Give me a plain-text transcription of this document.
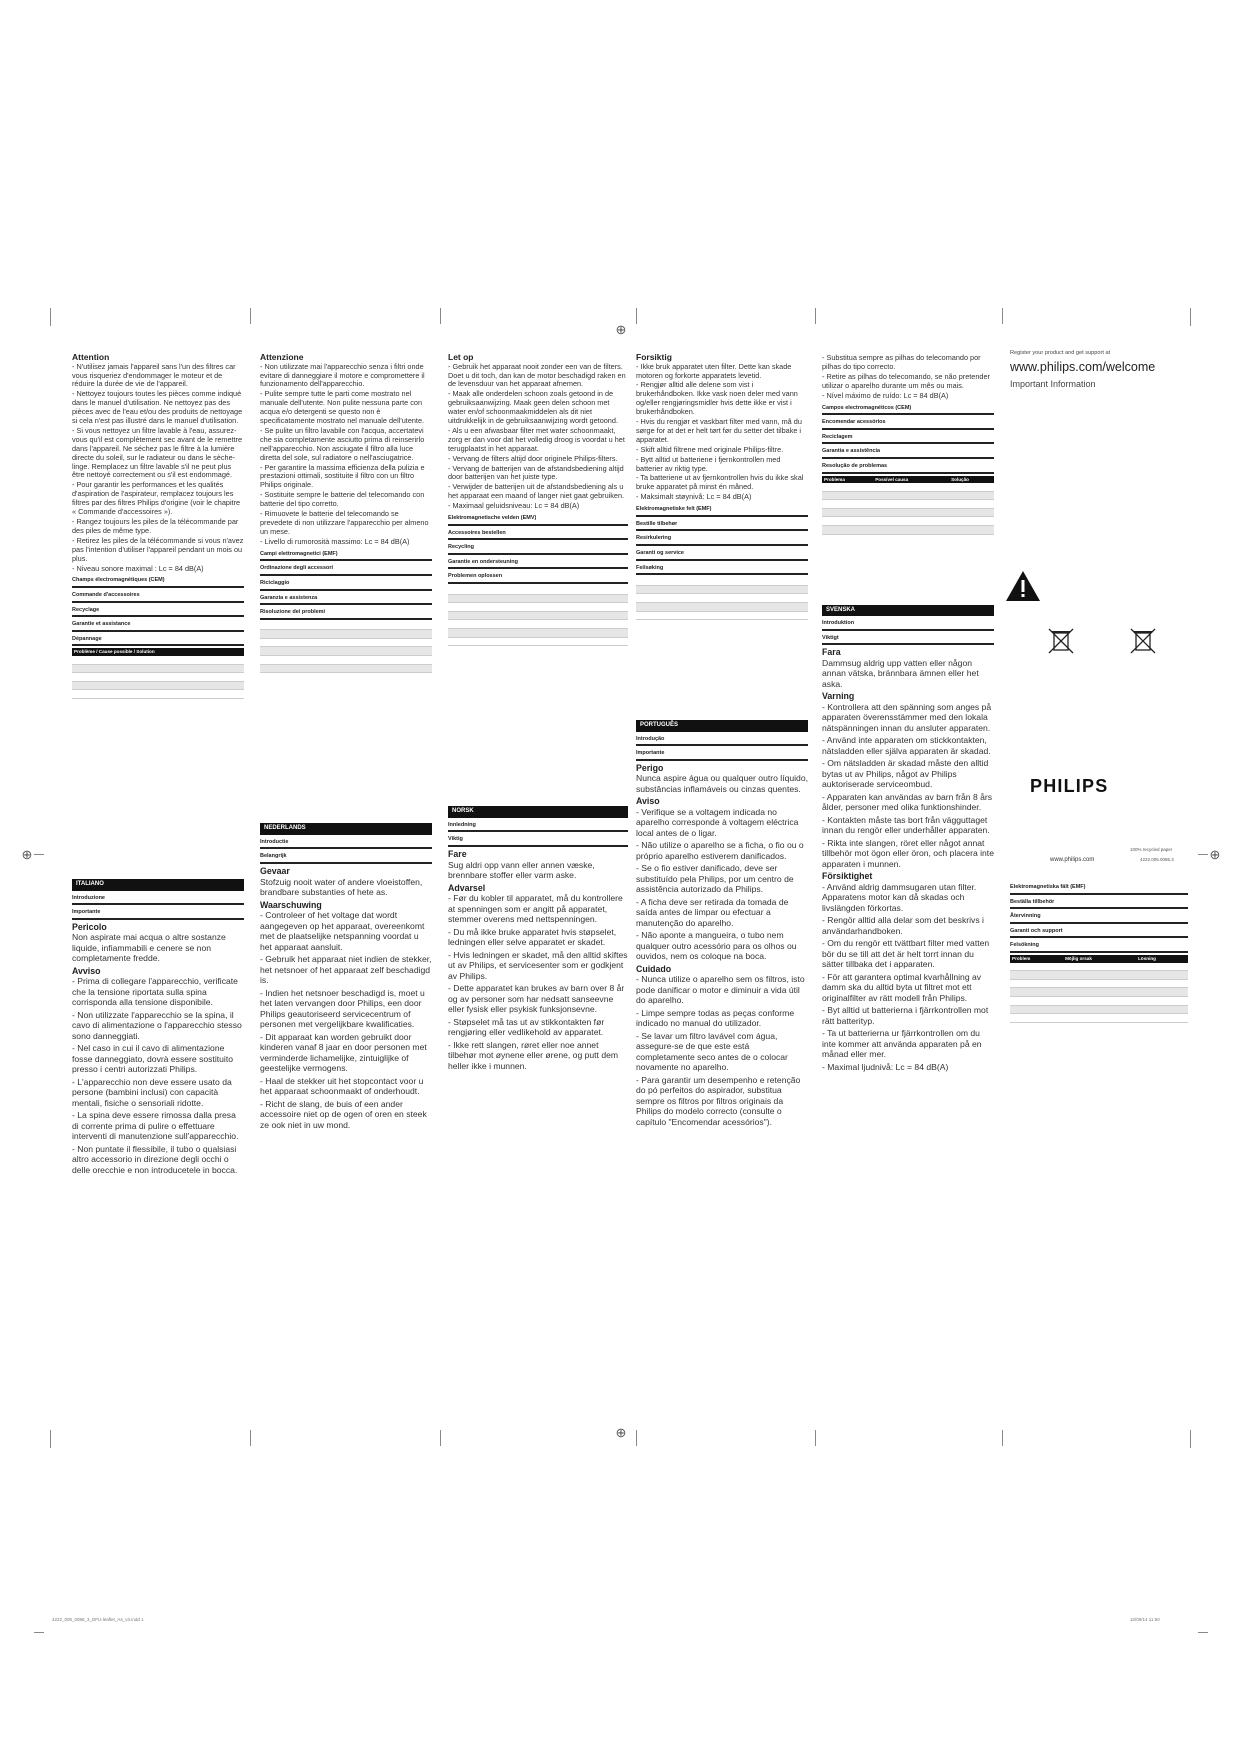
⊕
⊕	⊕
⊕
Attention
- N'utilisez jamais l'appareil sans l'un des filtres car vous risqueriez d'endommager le moteur et de réduire la durée de vie de l'appareil.
- Nettoyez toujours toutes les pièces comme indiqué dans le manuel d'utilisation. Ne nettoyez pas des pièces avec de l'eau et/ou des produits de nettoyage si cela n'est pas illustré dans le manuel d'utilisation.
- Si vous nettoyez un filtre lavable à l'eau, assurez-vous qu'il est complètement sec avant de le remettre dans l'appareil. Ne séchez pas le filtre à la lumière directe du soleil, sur le radiateur ou dans le sèche-linge. Remplacez un filtre lavable s'il ne peut plus être nettoyé correctement ou s'il est endommagé.
- Pour garantir les performances et les qualités d'aspiration de l'aspirateur, remplacez toujours les filtres par des filtres Philips d'origine (voir le chapitre « Commande d'accessoires »).
- Rangez toujours les piles de la télécommande par des piles de même type.
- Retirez les piles de la télécommande si vous n'avez pas l'intention d'utiliser l'appareil pendant un mois ou plus.
- Niveau sonore maximal : Lc = 84 dB(A)
Champs électromagnétiques (CEM)
Commande d'accessoires
Recyclage
Garantie et assistance
Dépannage
Problème / Cause possible / Solution		

ITALIANO
Introduzione
Importante
Pericolo

Non aspirate mai acqua o altre sostanze liquide, infiammabili e cenere se non completamente fredde.

Avviso

- Prima di collegare l'apparecchio, verificate che la tensione riportata sulla spina corrisponda alla tensione disponibile.

- Non utilizzate l'apparecchio se la spina, il cavo di alimentazione o l'apparecchio stesso sono danneggiati.

- Nel caso in cui il cavo di alimentazione fosse danneggiato, dovrà essere sostituito presso i centri autorizzati Philips.

- L'apparecchio non deve essere usato da persone (bambini inclusi) con capacità mentali, fisiche o sensoriali ridotte.

- La spina deve essere rimossa dalla presa di corrente prima di pulire o effettuare interventi di manutenzione sull'apparecchio.

- Non puntate il flessibile, il tubo o qualsiasi altro accessorio in direzione degli occhi o delle orecchie e non introducetele in bocca.

Attenzione
- Non utilizzate mai l'apparecchio senza i filtri onde evitare di danneggiare il motore e compromettere il funzionamento dell'apparecchio.
- Pulite sempre tutte le parti come mostrato nel manuale dell'utente. Non pulite nessuna parte con acqua e/o detergenti se questo non è specificatamente mostrato nel manuale dell'utente.
- Se pulite un filtro lavabile con l'acqua, accertatevi che sia completamente asciutto prima di reinserirlo nell'apparecchio. Non asciugate il filtro alla luce diretta del sole, sul radiatore o nell'asciugatrice.
- Per garantire la massima efficienza della pulizia e prestazioni ottimali, sostituite il filtro con un filtro Philips originale.
- Sostituite sempre le batterie del telecomando con batterie del tipo corretto.
- Rimuovete le batterie del telecomando se prevedete di non utilizzare l'apparecchio per almeno un mese.
- Livello di rumorosità massimo: Lc = 84 dB(A)
Campi elettromagnetici (EMF)
Ordinazione degli accessori
Riciclaggio
Garanzia e assistenza
Risoluzione dei problemi

NEDERLANDS
Introductie
Belangrijk
Gevaar

Stofzuig nooit water of andere vloeistoffen, brandbare substanties of hete as.

Waarschuwing

- Controleer of het voltage dat wordt aangegeven op het apparaat, overeenkomt met de plaatselijke netspanning voordat u het apparaat aansluit.

- Gebruik het apparaat niet indien de stekker, het netsnoer of het apparaat zelf beschadigd is.

- Indien het netsnoer beschadigd is, moet u het laten vervangen door Philips, een door Philips geautoriseerd servicecentrum of personen met vergelijkbare kwalificaties.

- Dit apparaat kan worden gebruikt door kinderen vanaf 8 jaar en door personen met verminderde lichamelijke, zintuiglijke of geestelijke vermogens.

- Haal de stekker uit het stopcontact voor u het apparaat schoonmaakt of onderhoudt.

- Richt de slang, de buis of een ander accessoire niet op de ogen of oren en steek ze ook niet in uw mond.

Let op
- Gebruik het apparaat nooit zonder een van de filters. Doet u dit toch, dan kan de motor beschadigd raken en de levensduur van het apparaat afnemen.
- Maak alle onderdelen schoon zoals getoond in de gebruiksaanwijzing. Maak geen delen schoon met water en/of schoonmaakmiddelen als dit niet uitdrukkelijk in de gebruiksaanwijzing wordt getoond.
- Als u een afwasbaar filter met water schoonmaakt, zorg er dan voor dat het volledig droog is voordat u het terugplaatst in het apparaat.
- Vervang de filters altijd door originele Philips-filters.
- Vervang de batterijen van de afstandsbediening altijd door batterijen van het juiste type.
- Verwijder de batterijen uit de afstandsbediening als u het apparaat een maand of langer niet gaat gebruiken.
- Maximaal geluidsniveau: Lc = 84 dB(A)
Elektromagnetische velden (EMV)
Accessoires bestellen
Recycling
Garantie en ondersteuning
Problemen oplossen

NORSK
Innledning
Viktig
Fare

Sug aldri opp vann eller annen væske, brennbare stoffer eller varm aske.

Advarsel

- Før du kobler til apparatet, må du kontrollere at spenningen som er angitt på apparatet, stemmer overens med nettspenningen.

- Du må ikke bruke apparatet hvis støpselet, ledningen eller selve apparatet er skadet.

- Hvis ledningen er skadet, må den alltid skiftes ut av Philips, et servicesenter som er godkjent av Philips.

- Dette apparatet kan brukes av barn over 8 år og av personer som har nedsatt sanseevne eller fysisk eller psykisk funksjonsevne.

- Støpselet må tas ut av stikkontakten før rengjøring eller vedlikehold av apparatet.

- Ikke rett slangen, røret eller noe annet tilbehør mot øynene eller ørene, og putt dem heller ikke i munnen.

Forsiktig
- Ikke bruk apparatet uten filter. Dette kan skade motoren og forkorte apparatets levetid.
- Rengjør alltid alle delene som vist i brukerhåndboken. Ikke vask noen deler med vann og/eller rengjøringsmidler hvis dette ikke er vist i brukerhåndboken.
- Hvis du rengjør et vaskbart filter med vann, må du sørge for at det er helt tørt før du setter det tilbake i apparatet.
- Skift alltid filtrene med originale Philips-filtre.
- Bytt alltid ut batteriene i fjernkontrollen med batterier av riktig type.
- Ta batteriene ut av fjernkontrollen hvis du ikke skal bruke apparatet på minst én måned.
- Maksimalt støynivå: Lc = 84 dB(A)
Elektromagnetiske felt (EMF)
Bestille tilbehør
Resirkulering
Garanti og service
Feilsøking

PORTUGUÊS
Introdução
Importante
Perigo

Nunca aspire água ou qualquer outro líquido, substâncias inflamáveis ou cinzas quentes.

Aviso

- Verifique se a voltagem indicada no aparelho corresponde à voltagem eléctrica local antes de o ligar.

- Não utilize o aparelho se a ficha, o fio ou o próprio aparelho estiverem danificados.

- Se o fio estiver danificado, deve ser substituído pela Philips, por um centro de assistência autorizado da Philips.

- A ficha deve ser retirada da tomada de saída antes de limpar ou efectuar a manutenção do aparelho.

- Não aponte a mangueira, o tubo nem qualquer outro acessório para os olhos ou ouvidos, nem os coloque na boca.

Cuidado

- Nunca utilize o aparelho sem os filtros, isto pode danificar o motor e diminuir a vida útil do aparelho.

- Limpe sempre todas as peças conforme indicado no manual do utilizador.

- Se lavar um filtro lavável com água, assegure-se de que este está completamente seco antes de o colocar novamente no aparelho.

- Para garantir um desempenho e retenção do pó perfeitos do aspirador, substitua sempre os filtros por filtros originais da Philips do modelo correcto (consulte o capítulo "Encomendar acessórios").

- Substitua sempre as pilhas do telecomando por pilhas do tipo correcto.
- Retire as pilhas do telecomando, se não pretender utilizar o aparelho durante um mês ou mais.
- Nível máximo de ruído: Lc = 84 dB(A)
Campos electromagnéticos (CEM)
Encomendar acessórios
Reciclagem
Garantia e assistência
Resolução de problemas
Problema	Possível causa	Solução

SVENSKA
Introduktion
Viktigt
Fara

Dammsug aldrig upp vatten eller någon annan vätska, brännbara ämnen eller het aska.

Varning

- Kontrollera att den spänning som anges på apparaten överensstämmer med den lokala nätspänningen innan du ansluter apparaten.

- Använd inte apparaten om stickkontakten, nätsladden eller själva apparaten är skadad.

- Om nätsladden är skadad måste den alltid bytas ut av Philips, något av Philips auktoriserade serviceombud.

- Apparaten kan användas av barn från 8 års ålder, personer med olika funktionshinder.

- Kontakten måste tas bort från vägguttaget innan du rengör eller underhåller apparaten.

- Rikta inte slangen, röret eller något annat tillbehör mot ögon eller öron, och placera inte apparaten i munnen.

Försiktighet

- Använd aldrig dammsugaren utan filter. Apparatens motor kan då skadas och livslängden förkortas.

- Rengör alltid alla delar som det beskrivs i användarhandboken.

- Om du rengör ett tvättbart filter med vatten bör du se till att det är helt torrt innan du sätter tillbaka det i apparaten.

- För att garantera optimal kvarhållning av damm ska du alltid byta ut filtret mot ett originalfilter av rätt modell från Philips.

- Byt alltid ut batterierna i fjärrkontrollen mot rätt batterityp.

- Ta ut batterierna ur fjärrkontrollen om du inte kommer att använda apparaten på en månad eller mer.

- Maximal ljudnivå: Lc = 84 dB(A)

Register your product and get support at
www.philips.com/welcome
Important Information
Elektromagnetiska fält (EMF)
Beställa tillbehör
Återvinning
Garanti och support
Felsökning
Problem	Möjlig orsak	Lösning

PHILIPS
www.philips.com
100% recycled paper
4222.005.0086.3
4222_005_0086_3_DFU-leaflet_A4_v3.indd 1	10/09/14 11:50
